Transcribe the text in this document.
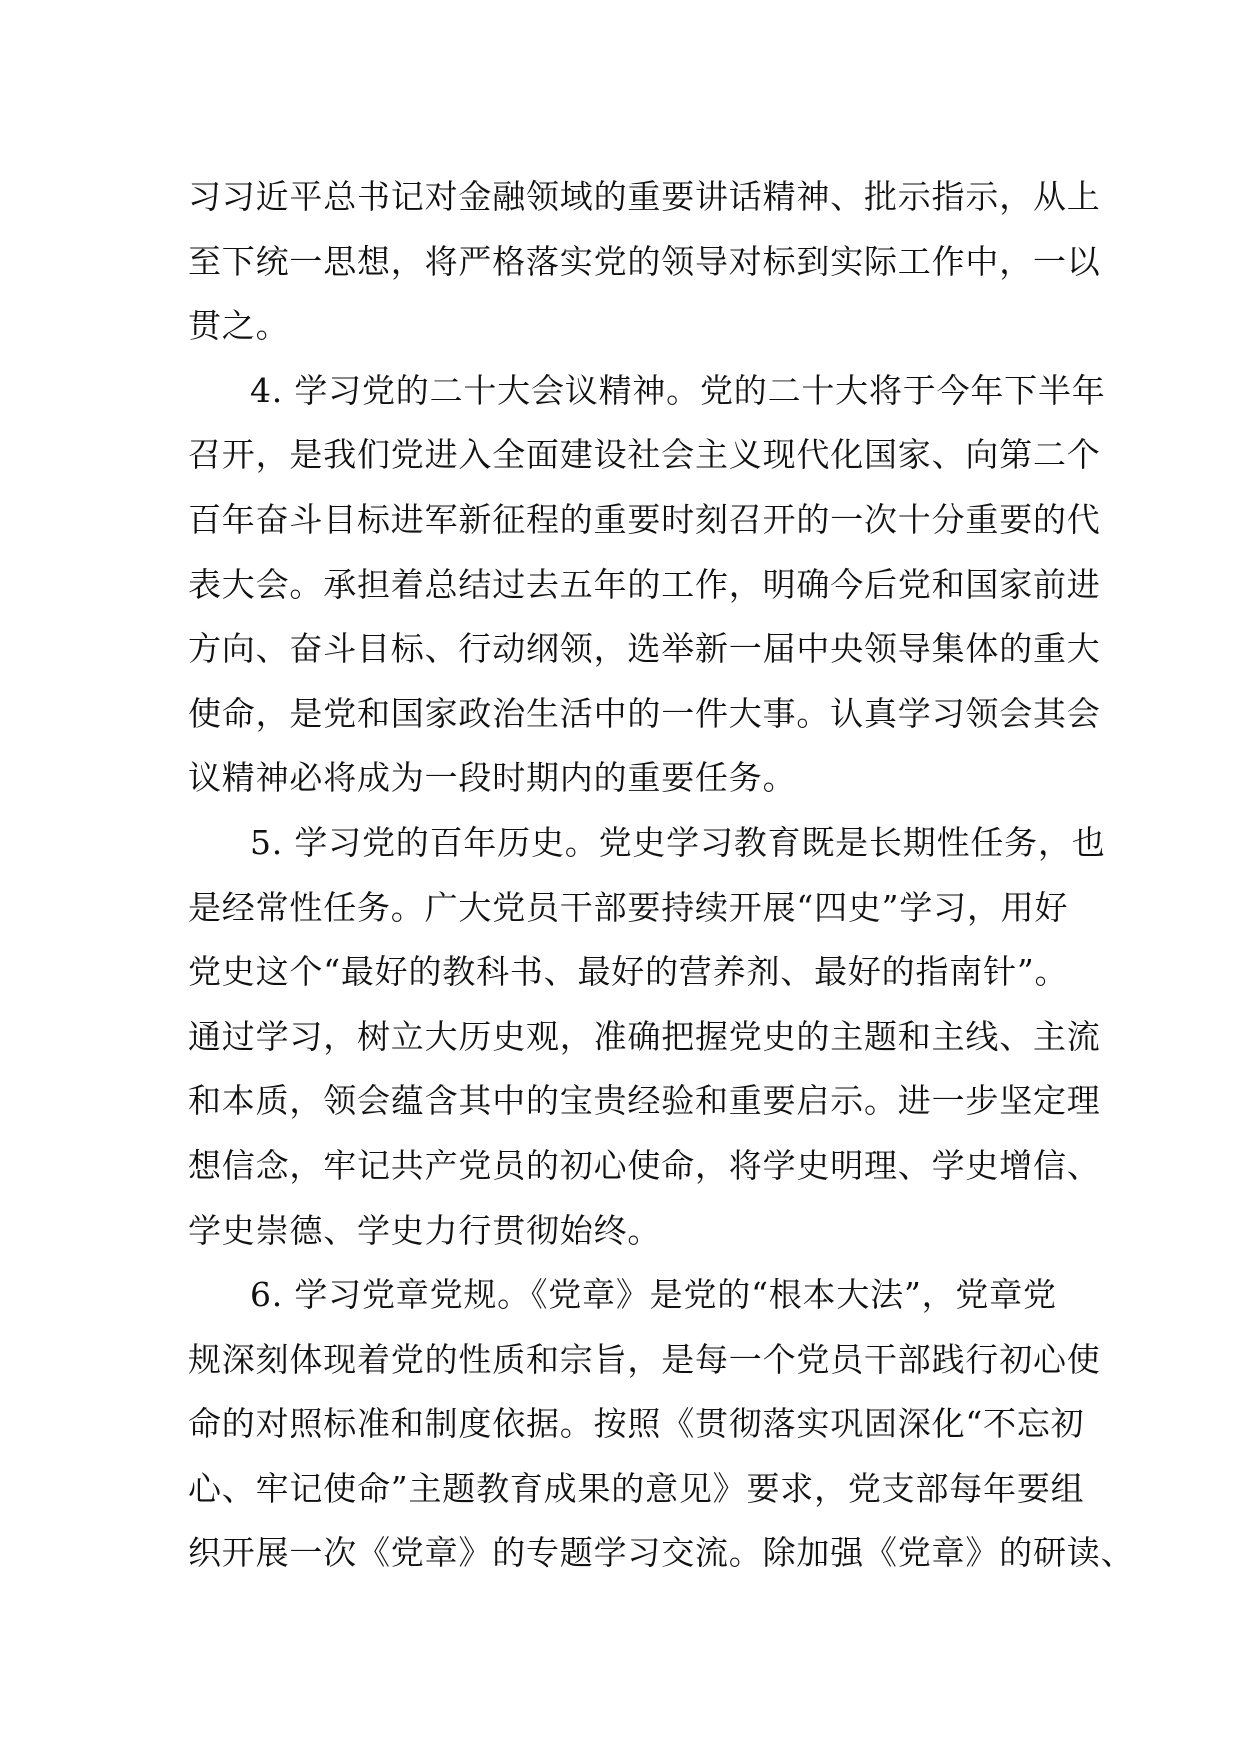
习习近平总书记对金融领域的重要讲话精神、批示指示，从上
至下统一思想，将严格落实党的领导对标到实际工作中，一以
贯之。
4. 学习党的二十大会议精神。党的二十大将于今年下半年
召开，是我们党进入全面建设社会主义现代化国家、向第二个
百年奋斗目标进军新征程的重要时刻召开的一次十分重要的代
表大会。承担着总结过去五年的工作，明确今后党和国家前进
方向、奋斗目标、行动纲领，选举新一届中央领导集体的重大
使命，是党和国家政治生活中的一件大事。认真学习领会其会
议精神必将成为一段时期内的重要任务。
5. 学习党的百年历史。党史学习教育既是长期性任务，也
是经常性任务。广大党员干部要持续开展“四史”学习，用好
党史这个“最好的教科书、最好的营养剂、最好的指南针”。
通过学习，树立大历史观，准确把握党史的主题和主线、主流
和本质，领会蕴含其中的宝贵经验和重要启示。进一步坚定理
想信念，牢记共产党员的初心使命，将学史明理、学史增信、
学史崇德、学史力行贯彻始终。
6. 学习党章党规。《党章》是党的“根本大法”，党章党
规深刻体现着党的性质和宗旨，是每一个党员干部践行初心使
命的对照标准和制度依据。按照《贯彻落实巩固深化“不忘初
心、牢记使命”主题教育成果的意见》要求，党支部每年要组
织开展一次《党章》的专题学习交流。除加强《党章》的研读、
